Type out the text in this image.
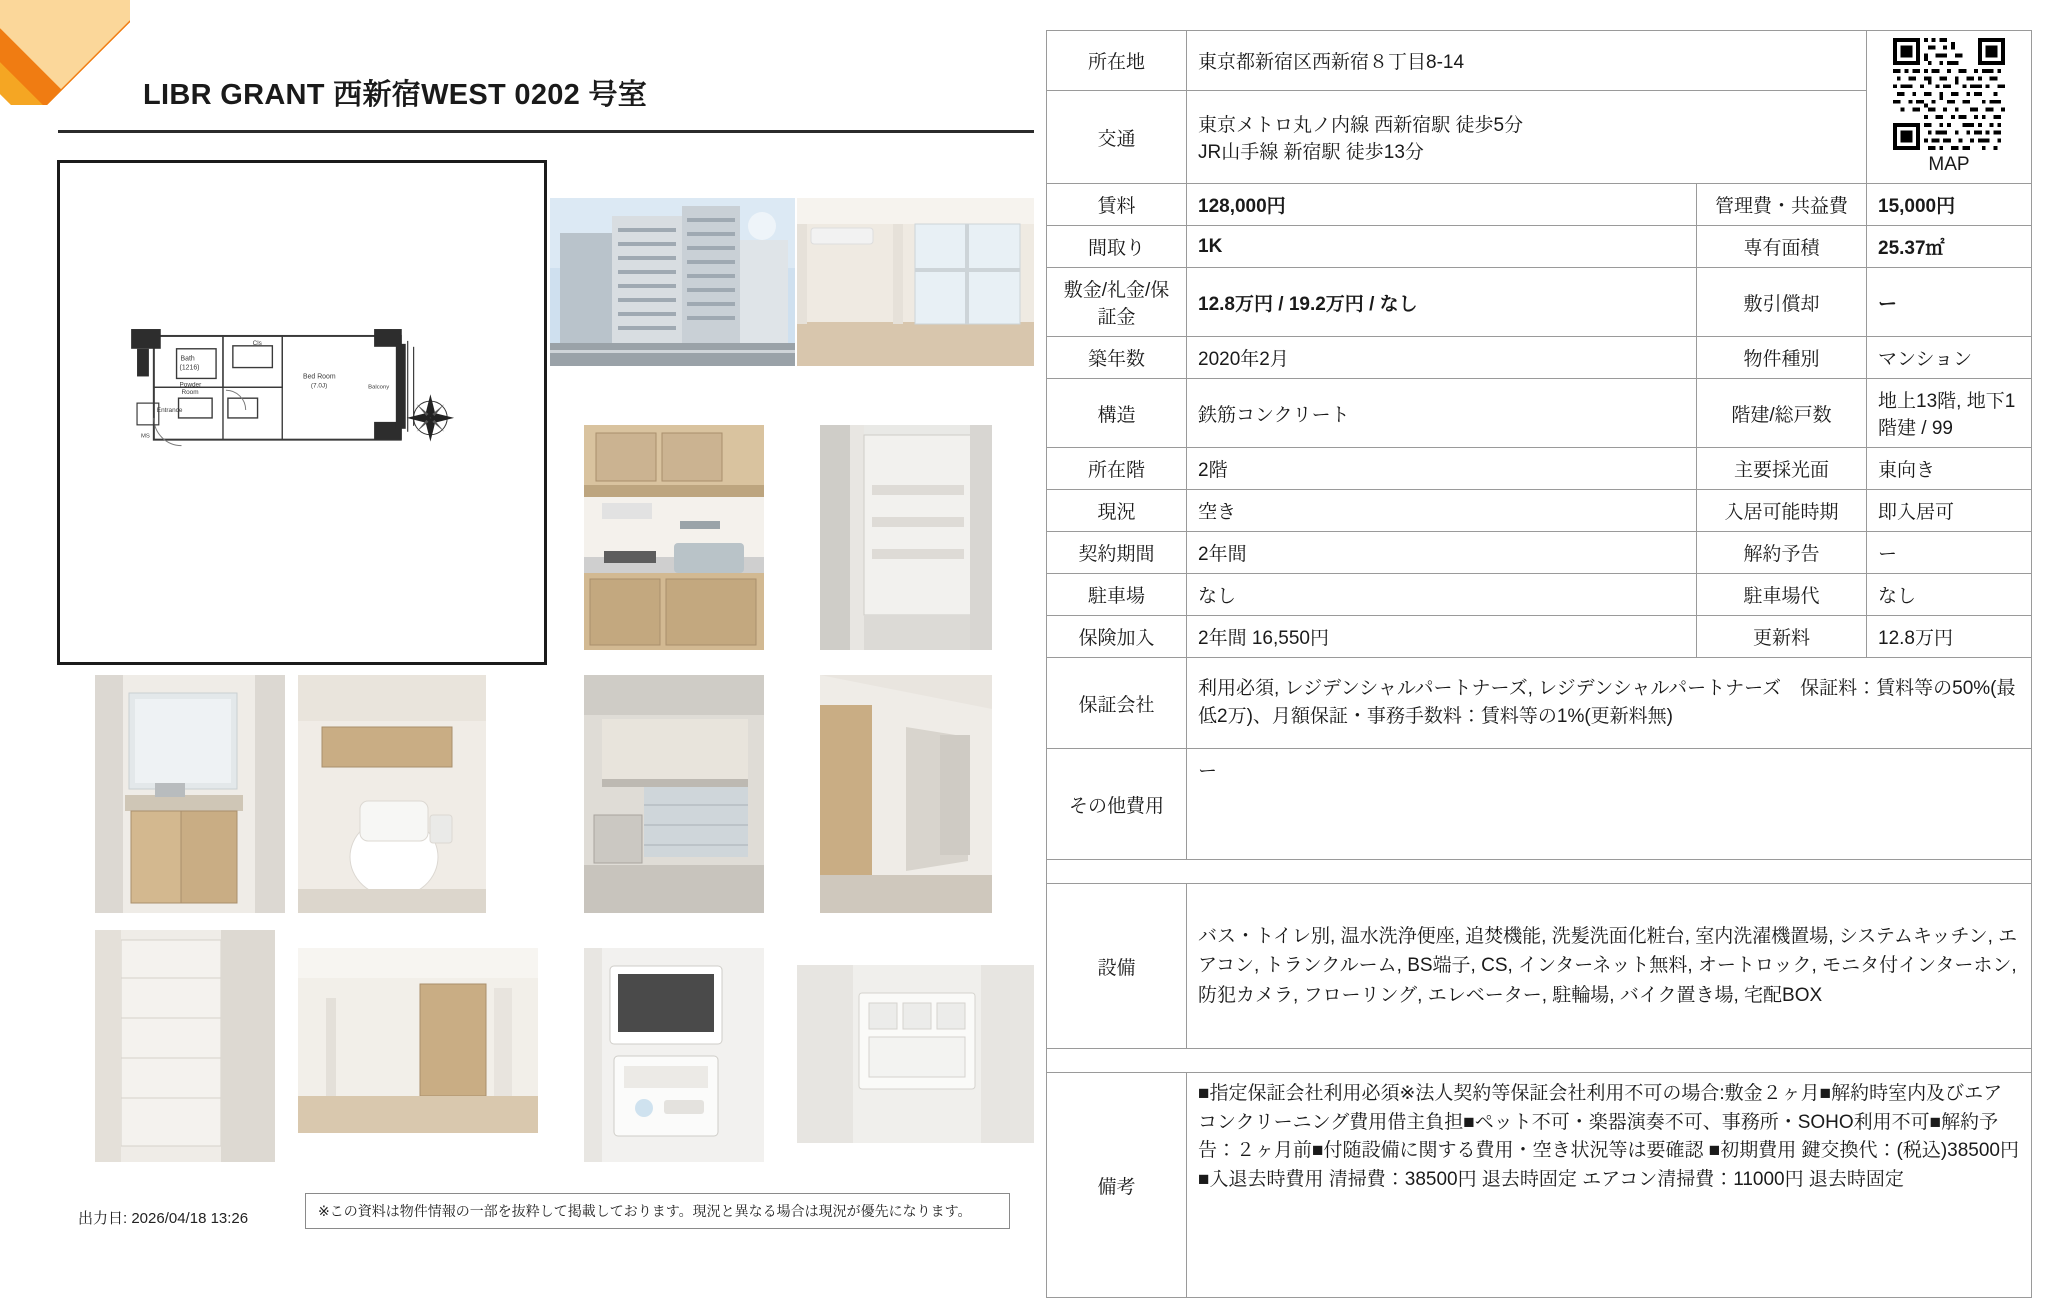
LIBR GRANT 西新宿WEST 0202 号室
Bath
(1216)
Powder
Room
Cls
Entrance
Bed Room
(7.0J)	Balcony
MS
出力日: 2026/04/18 13:26	※この資料は物件情報の一部を抜粋して掲載しております。現況と異なる場合は現況が優先になります。
所在地	東京都新宿区西新宿８丁目8-14		MAP

交通	東京メトロ丸ノ内線 西新宿駅 徒歩5分
JR山手線 新宿駅 徒歩13分		

賃料	128,000円	管理費・共益費	15,000円
間取り	1K	専有面積	25.37㎡
敷金/礼金/保証金	12.8万円 / 19.2万円 / なし	敷引償却	ー
築年数	2020年2月	物件種別	マンション
構造	鉄筋コンクリート	階建/総戸数	地上13階, 地下1階建 / 99
所在階	2階	主要採光面	東向き
現況	空き	入居可能時期	即入居可
契約期間	2年間	解約予告	ー
駐車場	なし	駐車場代	なし
保険加入	2年間 16,550円	更新料	12.8万円
保証会社	利用必須, レジデンシャルパートナーズ, レジデンシャルパートナーズ　保証料：賃料等の50%(最低2万)、月額保証・事務手数料：賃料等の1%(更新料無)		
その他費用	ー		

設備	バス・トイレ別, 温水洗浄便座, 追焚機能, 洗髪洗面化粧台, 室内洗濯機置場, システムキッチン, エアコン, トランクルーム, BS端子, CS, インターネット無料, オートロック, モニタ付インターホン, 防犯カメラ, フローリング, エレベーター, 駐輪場, バイク置き場, 宅配BOX		

備考	■指定保証会社利用必須※法人契約等保証会社利用不可の場合:敷金２ヶ月■解約時室内及びエアコンクリーニング費用借主負担■ペット不可・楽器演奏不可、事務所・SOHO利用不可■解約予告：２ヶ月前■付随設備に関する費用・空き状況等は要確認 ■初期費用 鍵交換代：(税込)38500円 ■入退去時費用 清掃費：38500円 退去時固定 エアコン清掃費：11000円 退去時固定		
